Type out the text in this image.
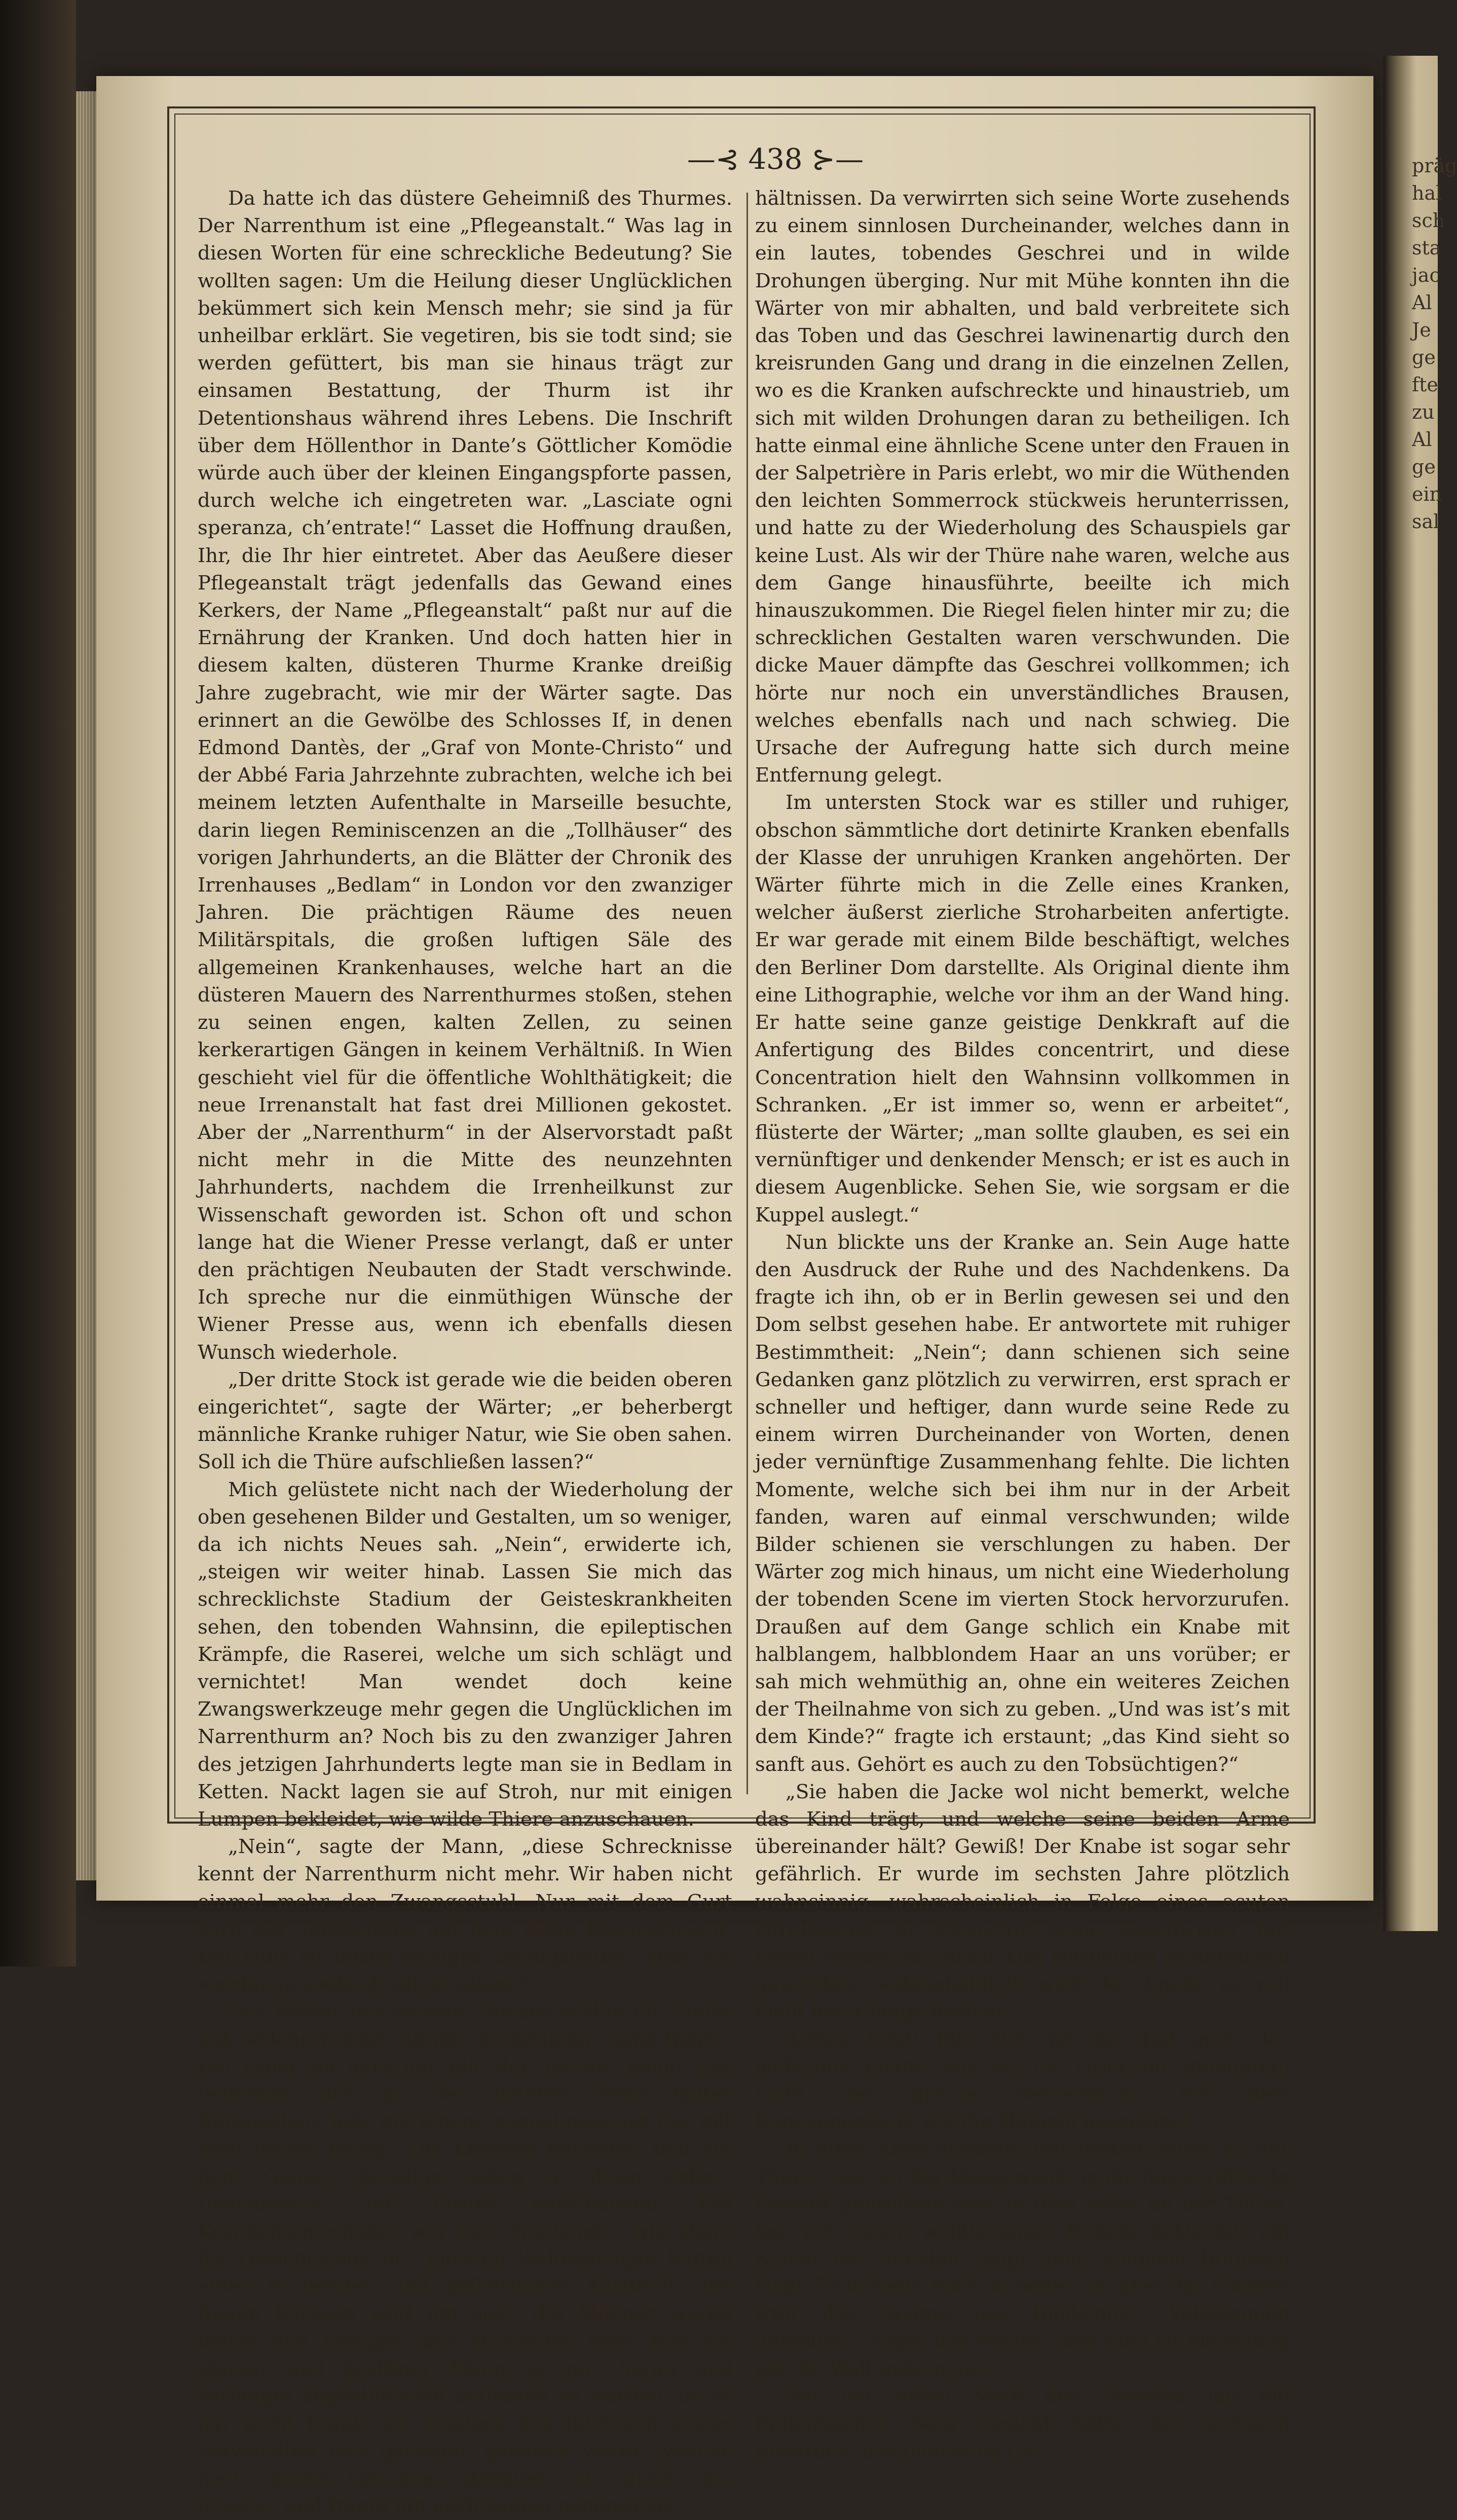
—⊰ 438 ⊱—

Da hatte ich das düstere Geheimniß des Thurmes. Der Narrenthum ist eine „Pflegeanstalt.“ Was lag in diesen Worten für eine schreckliche Bedeutung? Sie wollten sagen: Um die Heilung dieser Unglücklichen bekümmert sich kein Mensch mehr; sie sind ja für unheilbar erklärt. Sie vegetiren, bis sie todt sind; sie werden gefüttert, bis man sie hinaus trägt zur einsamen Bestattung, der Thurm ist ihr Detentionshaus während ihres Lebens. Die Inschrift über dem Höllenthor in Dante’s Göttlicher Komödie würde auch über der kleinen Eingangspforte passen, durch welche ich eingetreten war. „Lasciate ogni speranza, ch’entrate!“ Lasset die Hoffnung draußen, Ihr, die Ihr hier eintretet. Aber das Aeußere dieser Pflegeanstalt trägt jedenfalls das Gewand eines Kerkers, der Name „Pflegeanstalt“ paßt nur auf die Ernährung der Kranken. Und doch hatten hier in diesem kalten, düsteren Thurme Kranke dreißig Jahre zugebracht, wie mir der Wärter sagte. Das erinnert an die Gewölbe des Schlosses If, in denen Edmond Dantès, der „Graf von Monte-Christo“ und der Abbé Faria Jahrzehnte zubrachten, welche ich bei meinem letzten Aufenthalte in Marseille besuchte, darin liegen Reminiscenzen an die „Tollhäuser“ des vorigen Jahrhunderts, an die Blätter der Chronik des Irrenhauses „Bedlam“ in London vor den zwanziger Jahren. Die prächtigen Räume des neuen Militärspitals, die großen luftigen Säle des allgemeinen Krankenhauses, welche hart an die düsteren Mauern des Narrenthurmes stoßen, stehen zu seinen engen, kalten Zellen, zu seinen kerkerartigen Gängen in keinem Verhältniß. In Wien geschieht viel für die öffentliche Wohlthätigkeit; die neue Irrenanstalt hat fast drei Millionen gekostet. Aber der „Narrenthurm“ in der Alservorstadt paßt nicht mehr in die Mitte des neunzehnten Jahrhunderts, nachdem die Irrenheilkunst zur Wissenschaft geworden ist. Schon oft und schon lange hat die Wiener Presse verlangt, daß er unter den prächtigen Neubauten der Stadt verschwinde. Ich spreche nur die einmüthigen Wünsche der Wiener Presse aus, wenn ich ebenfalls diesen Wunsch wiederhole.

„Der dritte Stock ist gerade wie die beiden oberen eingerichtet“, sagte der Wärter; „er beherbergt männliche Kranke ruhiger Natur, wie Sie oben sahen. Soll ich die Thüre aufschließen lassen?“

Mich gelüstete nicht nach der Wiederholung der oben gesehenen Bilder und Gestalten, um so weniger, da ich nichts Neues sah. „Nein“, erwiderte ich, „steigen wir weiter hinab. Lassen Sie mich das schrecklichste Stadium der Geisteskrankheiten sehen, den tobenden Wahnsinn, die epileptischen Krämpfe, die Raserei, welche um sich schlägt und vernichtet! Man wendet doch keine Zwangswerkzeuge mehr gegen die Unglücklichen im Narrenthurm an? Noch bis zu den zwanziger Jahren des jetzigen Jahrhunderts legte man sie in Bedlam in Ketten. Nackt lagen sie auf Stroh, nur mit einigen Lumpen bekleidet, wie wilde Thiere anzuschauen.

„Nein“, sagte der Mann, „diese Schrecknisse kennt der Narrenthurm nicht mehr. Wir haben nicht einmal mehr den Zwangsstuhl. Nur mit dem Gurt wird der Tobsüchtige auf dem Bette festgeschnallt. Der Gurt ist unser einziges Zwangsmittel. Aber Sie werden ja sogleich selbst sehen.“

Der Wärter des vierten Stockes schloß die Thüre auf, welche wieder auf den kreisrunden Gang führte. Der Gang bot ganz das Bild der oberen Gänge; nur befanden sich an der inneren Seite lauter Einzelzellen, jede mit einem, ausnahmsweise nur mit zwei Betten belegt. Die Kranken befanden sich auf dem Gange; Einzelne saßen in ihren Zellen, theilnahmlos und finster aufschauend. Die Krankenatmosphäre war hier drückender wie oben; die Gesichtszüge der meisten Wahnsinnigen hatten einen drohenden und gefährlichen Ausdruck, die Augen blickten wild um sich, die Männer waren lauter und heftiger; mit drohender Mine trat ein starker und kräftiger Mann zu mir heran und verlangte augenblicklich entlassen zu werden, da er gar nicht krank sei, sondern aus Intriguen seiner Verwandten hier gefangen gehalten werde, welche nach seinem Vermögen strebten. Ich sprach ihm gütig zu und fragte ihn nach seinen näheren Ver-

hältnissen. Da verwirrten sich seine Worte zusehends zu einem sinnlosen Durcheinander, welches dann in ein lautes, tobendes Geschrei und in wilde Drohungen überging. Nur mit Mühe konnten ihn die Wärter von mir abhalten, und bald verbreitete sich das Toben und das Geschrei lawinenartig durch den kreisrunden Gang und drang in die einzelnen Zellen, wo es die Kranken aufschreckte und hinaustrieb, um sich mit wilden Drohungen daran zu betheiligen. Ich hatte einmal eine ähnliche Scene unter den Frauen in der Salpetrière in Paris erlebt, wo mir die Wüthenden den leichten Sommerrock stückweis herunterrissen, und hatte zu der Wiederholung des Schauspiels gar keine Lust. Als wir der Thüre nahe waren, welche aus dem Gange hinausführte, beeilte ich mich hinauszukommen. Die Riegel fielen hinter mir zu; die schrecklichen Gestalten waren verschwunden. Die dicke Mauer dämpfte das Geschrei vollkommen; ich hörte nur noch ein unverständliches Brausen, welches ebenfalls nach und nach schwieg. Die Ursache der Aufregung hatte sich durch meine Entfernung gelegt.

Im untersten Stock war es stiller und ruhiger, obschon sämmtliche dort detinirte Kranken ebenfalls der Klasse der unruhigen Kranken angehörten. Der Wärter führte mich in die Zelle eines Kranken, welcher äußerst zierliche Stroharbeiten anfertigte. Er war gerade mit einem Bilde beschäftigt, welches den Berliner Dom darstellte. Als Original diente ihm eine Lithographie, welche vor ihm an der Wand hing. Er hatte seine ganze geistige Denkkraft auf die Anfertigung des Bildes concentrirt, und diese Concentration hielt den Wahnsinn vollkommen in Schranken. „Er ist immer so, wenn er arbeitet“, flüsterte der Wärter; „man sollte glauben, es sei ein vernünftiger und denkender Mensch; er ist es auch in diesem Augenblicke. Sehen Sie, wie sorgsam er die Kuppel auslegt.“

Nun blickte uns der Kranke an. Sein Auge hatte den Ausdruck der Ruhe und des Nachdenkens. Da fragte ich ihn, ob er in Berlin gewesen sei und den Dom selbst gesehen habe. Er antwortete mit ruhiger Bestimmtheit: „Nein“; dann schienen sich seine Gedanken ganz plötzlich zu verwirren, erst sprach er schneller und heftiger, dann wurde seine Rede zu einem wirren Durcheinander von Worten, denen jeder vernünftige Zusammenhang fehlte. Die lichten Momente, welche sich bei ihm nur in der Arbeit fanden, waren auf einmal verschwunden; wilde Bilder schienen sie verschlungen zu haben. Der Wärter zog mich hinaus, um nicht eine Wiederholung der tobenden Scene im vierten Stock hervorzurufen. Draußen auf dem Gange schlich ein Knabe mit halblangem, halbblondem Haar an uns vorüber; er sah mich wehmüthig an, ohne ein weiteres Zeichen der Theilnahme von sich zu geben. „Und was ist’s mit dem Kinde?“ fragte ich erstaunt; „das Kind sieht so sanft aus. Gehört es auch zu den Tobsüchtigen?“

„Sie haben die Jacke wol nicht bemerkt, welche das Kind trägt, und welche seine beiden Arme übereinander hält? Gewiß! Der Knabe ist sogar sehr gefährlich. Er wurde im sechsten Jahre plötzlich wahnsinnig, wahrscheinlich in Folge eines acuten Hirnleidens. Er versuchte seine Geschwister mit einem Messer zu tödten. Das Hirnleiden ist chronisch geworden; wahrscheinlich wird der Knabe es wol nicht mehr lange machen.“

Armes Kind! Für dich ist der Tod auch der lächelnde Knabe, wie ihn die Griechen abbildeten, nicht der grause Sensenmann mit dem Knochengebein, wie ihn Holbein gezeichnet.

In einer Zelle standen drei Betten, eines an der Thüre, zwei an der Mauerwand, in die das vergitterte Fenster gebrochen war. In dem Bette an der Thüre, lag, mit einem weißleinenen Hemde bekleidet, ein Knabe mit dunklem Auge und schönem braunem Haar. Er lächelte mich so heiter an; aber das Lächeln trug das Stigma des Blödsinns. „Vollkommen unheilbar“, sagte der Wärter, „das Kind ist blödsinnig auf die Welt gekommen.“

Auf der einen Seite des Fensters lag ein Epileptischer. Sein Gesicht hatte den widrigen Ausdruck, das thierische Ge-

präg
hal
sch
sta
jac
Al
Je
ge
fte
zu
Al
ge
ein
sal
